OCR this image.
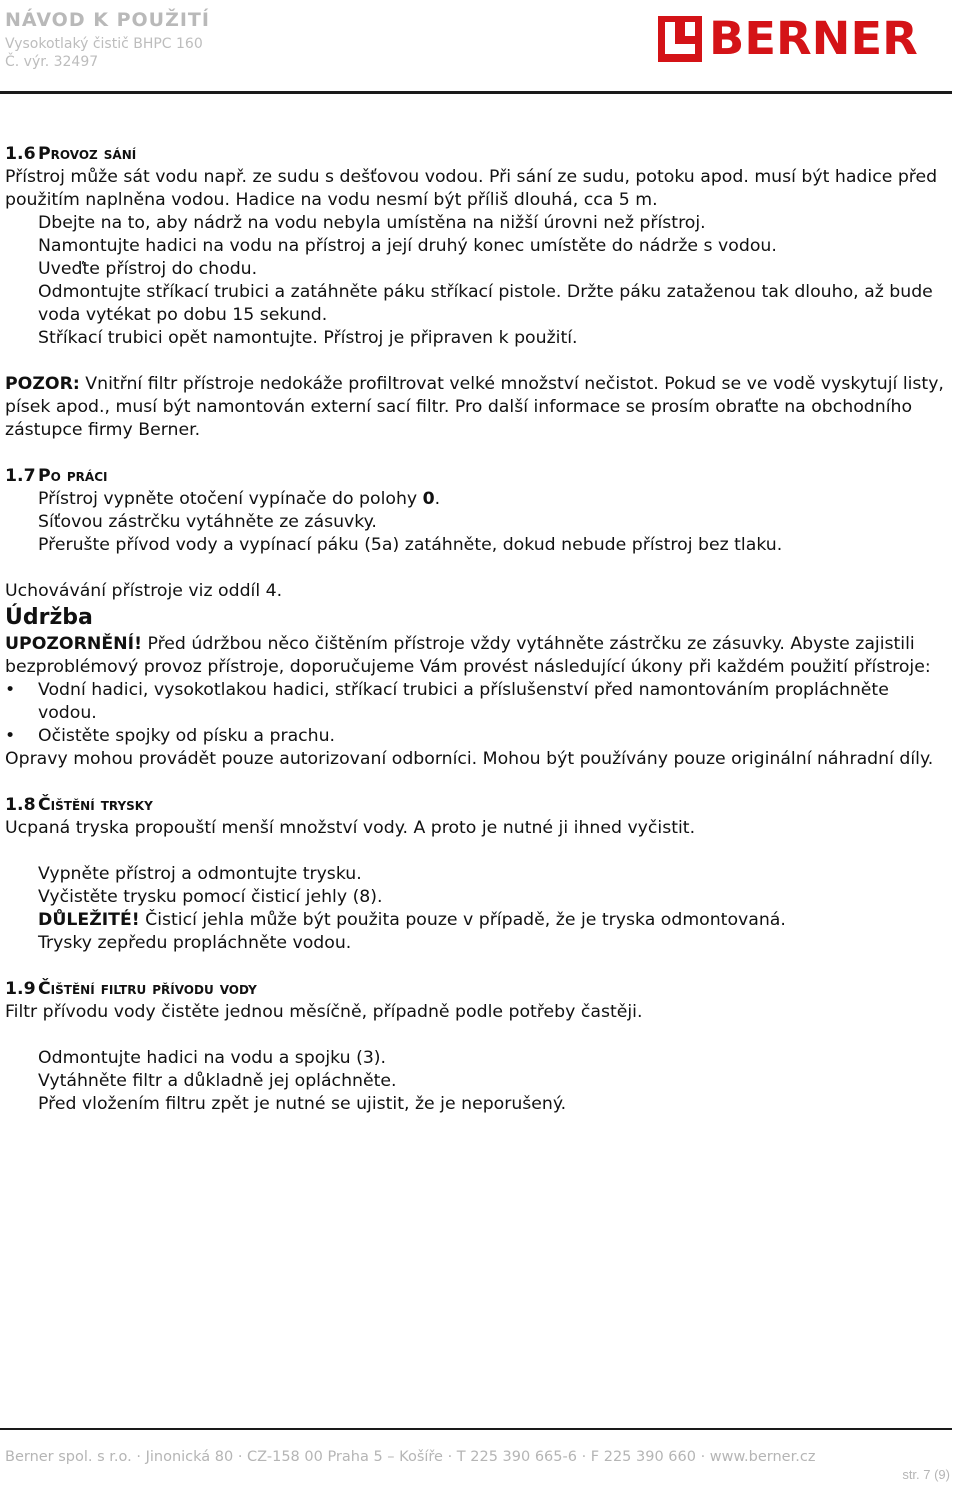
NÁVOD K POUŽITÍ
Vysokotlaký čistič BHPC 160
Č. výr. 32497	BERNER

1.6 Provoz sání

Přístroj může sát vodu např. ze sudu s dešťovou vodou. Při sání ze sudu, potoku apod. musí být hadice před použitím naplněna vodou. Hadice na vodu nesmí být příliš dlouhá, cca 5 m.

Dbejte na to, aby nádrž na vodu nebyla umístěna na nižší úrovni než přístroj.

Namontujte hadici na vodu na přístroj a její druhý konec umístěte do nádrže s vodou.

Uveďte přístroj do chodu.

Odmontujte stříkací trubici a zatáhněte páku stříkací pistole. Držte páku zataženou tak dlouho, až bude voda vytékat po dobu 15 sekund.

Stříkací trubici opět namontujte. Přístroj je připraven k použití.

POZOR: Vnitřní filtr přístroje nedokáže profiltrovat velké množství nečistot. Pokud se ve vodě vyskytují listy, písek apod., musí být namontován externí sací filtr. Pro další informace se prosím obraťte na obchodního zástupce firmy Berner.

1.7 Po práci

Přístroj vypněte otočení vypínače do polohy 0.

Síťovou zástrčku vytáhněte ze zásuvky.

Přerušte přívod vody a vypínací páku (5a) zatáhněte, dokud nebude přístroj bez tlaku.

Uchovávání přístroje viz oddíl 4.

Údržba

UPOZORNĚNÍ! Před údržbou něco čištěním přístroje vždy vytáhněte zástrčku ze zásuvky. Abyste zajistili bezproblémový provoz přístroje, doporučujeme Vám provést následující úkony při každém použití přístroje:

• Vodní hadici, vysokotlakou hadici, stříkací trubici a příslušenství před namontováním propláchněte vodou.

• Očistěte spojky od písku a prachu.

Opravy mohou provádět pouze autorizovaní odborníci. Mohou být používány pouze originální náhradní díly.

1.8 Čištění trysky

Ucpaná tryska propouští menší množství vody. A proto je nutné ji ihned vyčistit.

Vypněte přístroj a odmontujte trysku.

Vyčistěte trysku pomocí čisticí jehly (8).

DŮLEŽITÉ! Čisticí jehla může být použita pouze v případě, že je tryska odmontovaná.

Trysky zepředu propláchněte vodou.

1.9 Čištění filtru přívodu vody

Filtr přívodu vody čistěte jednou měsíčně, případně podle potřeby častěji.

Odmontujte hadici na vodu a spojku (3).

Vytáhněte filtr a důkladně jej opláchněte.

Před vložením filtru zpět je nutné se ujistit, že je neporušený.

Berner spol. s r.o. · Jinonická 80 · CZ-158 00 Praha 5 – Košíře · T 225 390 665-6 · F 225 390 660 · www.berner.cz
str. 7 (9)
